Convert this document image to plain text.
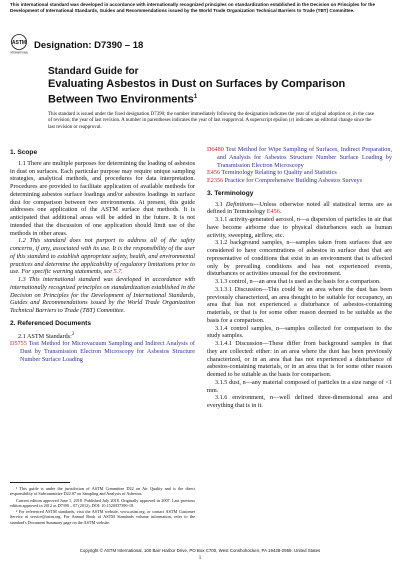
This international standard was developed in accordance with internationally recognized principles on standardization established in the Decision on Principles for the Development of International Standards, Guides and Recommendations issued by the World Trade Organization Technical Barriers to Trade (TBT) Committee.
ASTM
INTERNATIONAL
Designation: D7390 – 18
Standard Guide for
Evaluating Asbestos in Dust on Surfaces by Comparison Between Two Environments$^1$
This standard is issued under the fixed designation D7390; the number immediately following the designation indicates the year of original adoption or, in the case of revision, the year of last revision. A number in parentheses indicates the year of last reapproval. A superscript epsilon (ε) indicates an editorial change since the last revision or reapproval.
1. Scope

1.1 There are multiple purposes for determining the loading of asbestos in dust on surfaces. Each particular purpose may require unique sampling strategies, analytical methods, and procedures for data interpretation. Procedures are provided to facilitate application of available methods for determining asbestos surface loadings and/or asbestos loadings in surface dust for comparison between two environments. At present, this guide addresses one application of the ASTM surface dust methods. It is anticipated that additional areas will be added in the future. It is not intended that the discussion of one application should limit use of the methods in other areas.

1.2 This standard does not purport to address all of the safety concerns, if any, associated with its use. It is the responsibility of the user of this standard to establish appropriate safety, health, and environmental practices and determine the applicability of regulatory limitations prior to use. For specific warning statements, see 5.7.

1.3 This international standard was developed in accordance with internationally recognized principles on standardization established in the Decision on Principles for the Development of International Standards, Guides and Recommendations issued by the World Trade Organization Technical Barriers to Trade (TBT) Committee.

2. Referenced Documents

2.1 ASTM Standards:$^2$

D5755 Test Method for Microvacuum Sampling and Indirect Analysis of Dust by Transmission Electron Microscopy for Asbestos Structure Number Surface Loading

D6480 Test Method for Wipe Sampling of Surfaces, Indirect Preparation, and Analysis for Asbestos Structure Number Surface Loading by Transmission Electron Microscopy

E456 Terminology Relating to Quality and Statistics

E2356 Practice for Comprehensive Building Asbestos Surveys

3. Terminology

3.1 Definitions—Unless otherwise noted all statistical terms are as defined in Terminology E456.

3.1.1 activity-generated aerosol, n—a dispersion of particles in air that have become airborne due to physical disturbances such as human activity, sweeping, airflow, etc.

3.1.2 background samples, n—samples taken from surfaces that are considered to have concentrations of asbestos in surface dust that are representative of conditions that exist in an environment that is affected only by prevailing conditions and has not experienced events, disturbances or activities unusual for the environment.

3.1.3 control, n—an area that is used as the basis for a comparison.

3.1.3.1 Discussion—This could be an area where the dust has been previously characterized, an area thought to be suitable for occupancy, an area that has not experienced a disturbance of asbestos-containing materials, or that is for some other reason deemed to be suitable as the basis for a comparison.

3.1.4 control samples, n—samples collected for comparison to the study samples.

3.1.4.1 Discussion—These differ from background samples in that they are collected: either: in an area where the dust has been previously characterized, or in an area that has not experienced a disturbance of asbestos-containing materials, or in an area that is for some other reason deemed to be suitable as the basis for comparison.

3.1.5 dust, n—any material composed of particles in a size range of <1 mm.

3.1.6 environment, n—well defined three-dimensional area and everything that is in it.

¹ This guide is under the jurisdiction of ASTM Committee D22 on Air Quality and is the direct responsibility of Subcommittee D22.07 on Sampling and Analysis of Asbestos.

Current edition approved June 1, 2018. Published July 2018. Originally approved in 2007. Last previous edition approved in 2012 as D7390 – 07 (2012). DOI: 10.1520/D7390-18.

² For referenced ASTM standards, visit the ASTM website, www.astm.org, or contact ASTM Customer Service at service@astm.org. For Annual Book of ASTM Standards volume information, refer to the standard's Document Summary page on the ASTM website.

Copyright © ASTM International, 100 Barr Harbor Drive, PO Box C700, West Conshohocken, PA 19428-2959. United States
1
